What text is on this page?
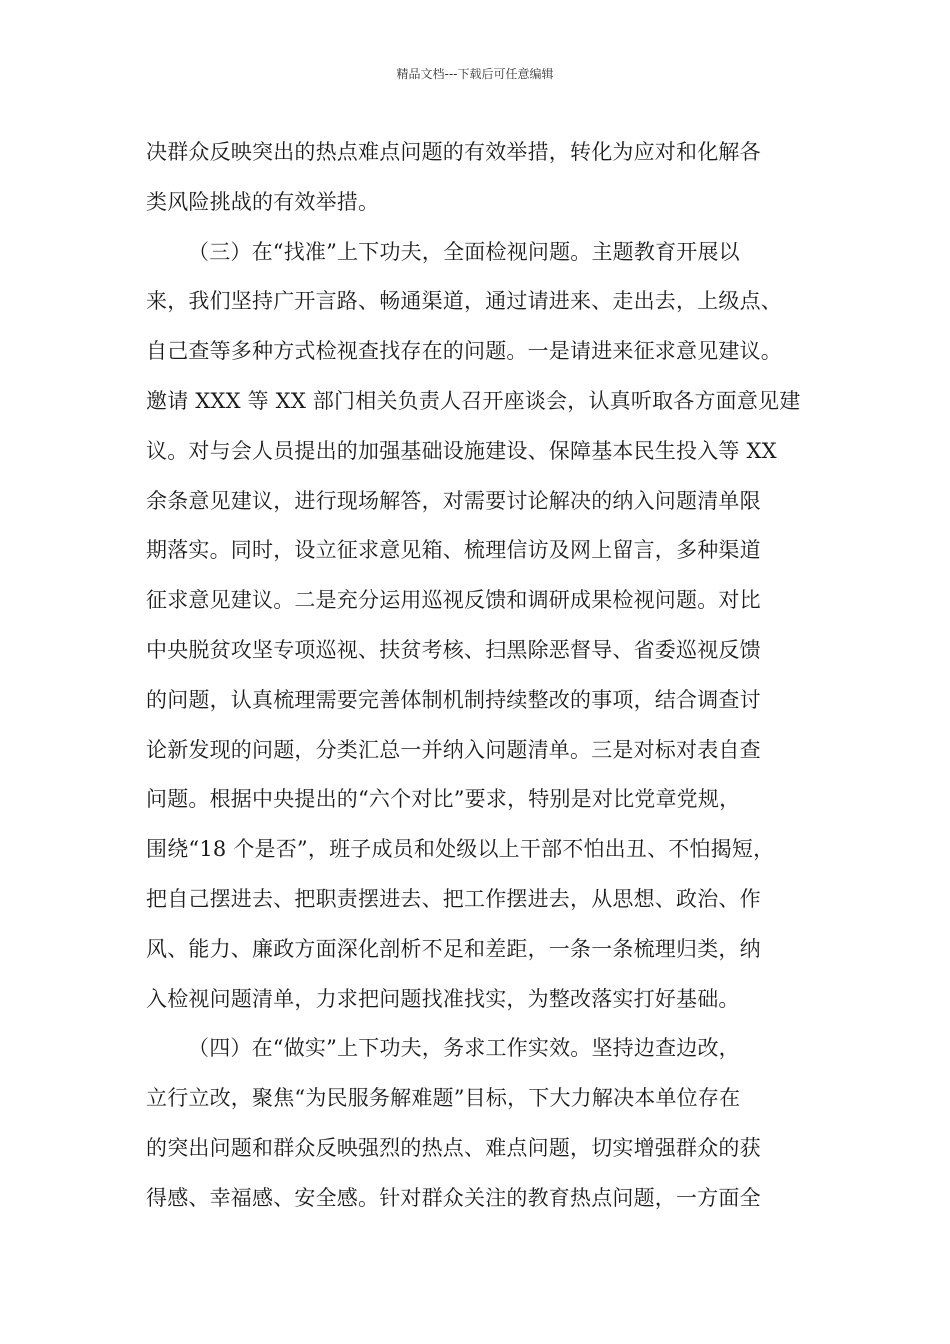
精品文档---下载后可任意编辑
决群众反映突出的热点难点问题的有效举措，转化为应对和化解各
类风险挑战的有效举措。
（三）在“找准”上下功夫，全面检视问题。主题教育开展以
来，我们坚持广开言路、畅通渠道，通过请进来、走出去，上级点、
自己查等多种方式检视查找存在的问题。一是请进来征求意见建议。
邀请 XXX 等 XX 部门相关负责人召开座谈会，认真听取各方面意见建
议。对与会人员提出的加强基础设施建设、保障基本民生投入等 XX
余条意见建议，进行现场解答，对需要讨论解决的纳入问题清单限
期落实。同时，设立征求意见箱、梳理信访及网上留言，多种渠道
征求意见建议。二是充分运用巡视反馈和调研成果检视问题。对比
中央脱贫攻坚专项巡视、扶贫考核、扫黑除恶督导、省委巡视反馈
的问题，认真梳理需要完善体制机制持续整改的事项，结合调查讨
论新发现的问题，分类汇总一并纳入问题清单。三是对标对表自查
问题。根据中央提出的“六个对比”要求，特别是对比党章党规，
围绕“18 个是否”，班子成员和处级以上干部不怕出丑、不怕揭短，
把自己摆进去、把职责摆进去、把工作摆进去，从思想、政治、作
风、能力、廉政方面深化剖析不足和差距，一条一条梳理归类，纳
入检视问题清单，力求把问题找准找实，为整改落实打好基础。
（四）在“做实”上下功夫，务求工作实效。坚持边查边改，
立行立改，聚焦“为民服务解难题”目标，下大力解决本单位存在
的突出问题和群众反映强烈的热点、难点问题，切实增强群众的获
得感、幸福感、安全感。针对群众关注的教育热点问题，一方面全
